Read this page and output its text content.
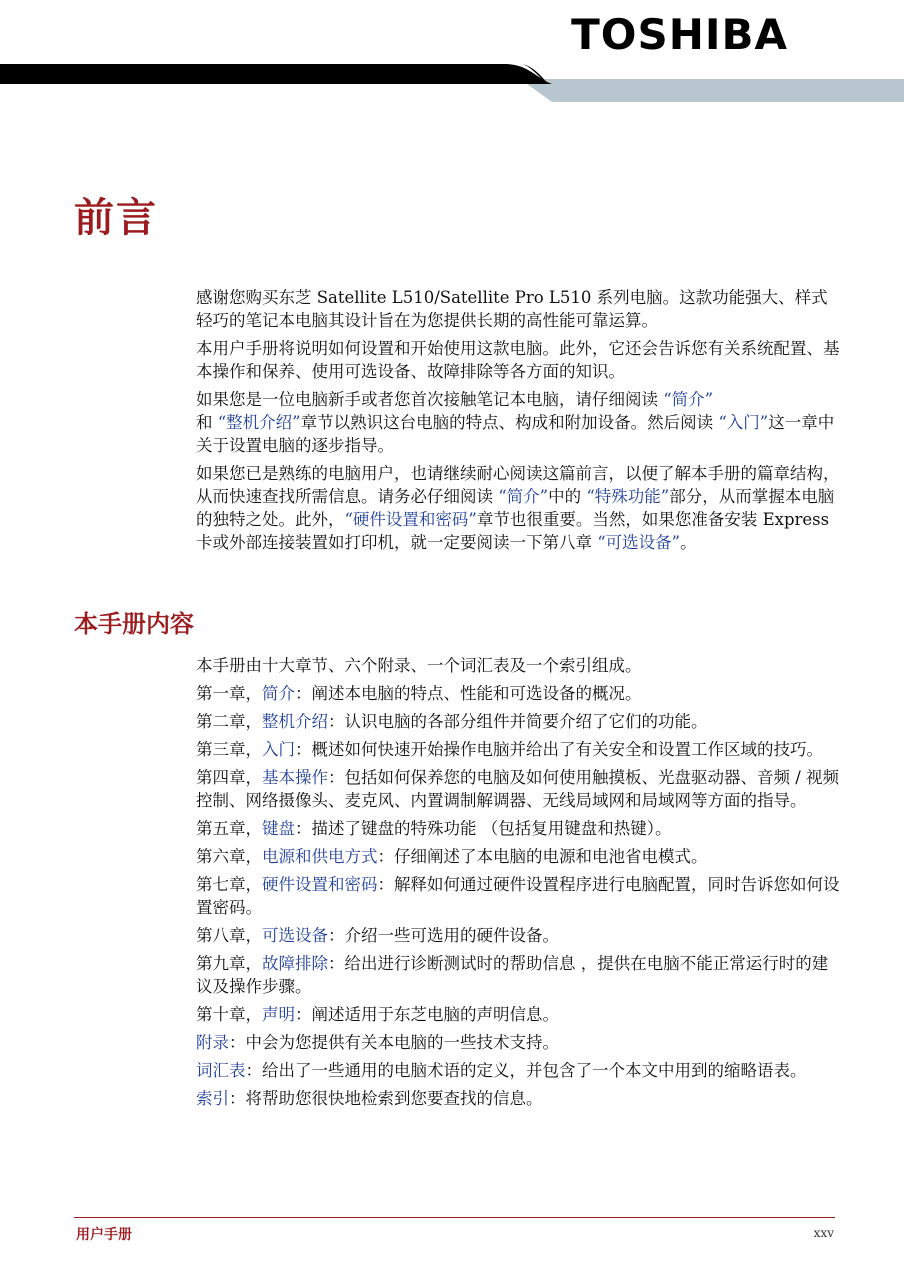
TOSHIBA
前言

感谢您购买东芝 Satellite L510/Satellite Pro L510 系列电脑。这款功能强大、样式轻巧的笔记本电脑其设计旨在为您提供长期的高性能可靠运算。

本用户手册将说明如何设置和开始使用这款电脑。此外，它还会告诉您有关系统配置、基本操作和保养、使用可选设备、故障排除等各方面的知识。

如果您是一位电脑新手或者您首次接触笔记本电脑，请仔细阅读 “简介”
和 “整机介绍”章节以熟识这台电脑的特点、构成和附加设备。然后阅读 “入门”这一章中关于设置电脑的逐步指导。

如果您已是熟练的电脑用户，也请继续耐心阅读这篇前言，以便了解本手册的篇章结构，从而快速查找所需信息。请务必仔细阅读 “简介”中的 “特殊功能”部分，从而掌握本电脑的独特之处。此外，“硬件设置和密码”章节也很重要。当然，如果您准备安装 Express 卡或外部连接装置如打印机，就一定要阅读一下第八章 “可选设备”。

本手册内容

本手册由十大章节、六个附录、一个词汇表及一个索引组成。

第一章，简介：阐述本电脑的特点、性能和可选设备的概况。

第二章，整机介绍：认识电脑的各部分组件并简要介绍了它们的功能。

第三章，入门：概述如何快速开始操作电脑并给出了有关安全和设置工作区域的技巧。

第四章，基本操作：包括如何保养您的电脑及如何使用触摸板、光盘驱动器、音频 / 视频控制、网络摄像头、麦克风、内置调制解调器、无线局域网和局域网等方面的指导。

第五章，键盘：描述了键盘的特殊功能 （包括复用键盘和热键）。

第六章，电源和供电方式：仔细阐述了本电脑的电源和电池省电模式。

第七章，硬件设置和密码：解释如何通过硬件设置程序进行电脑配置，同时告诉您如何设置密码。

第八章，可选设备：介绍一些可选用的硬件设备。

第九章，故障排除：给出进行诊断测试时的帮助信息 ，提供在电脑不能正常运行时的建议及操作步骤。

第十章，声明：阐述适用于东芝电脑的声明信息。

附录：中会为您提供有关本电脑的一些技术支持。

词汇表：给出了一些通用的电脑术语的定义，并包含了一个本文中用到的缩略语表。

索引：将帮助您很快地检索到您要查找的信息。

用户手册	xxv
